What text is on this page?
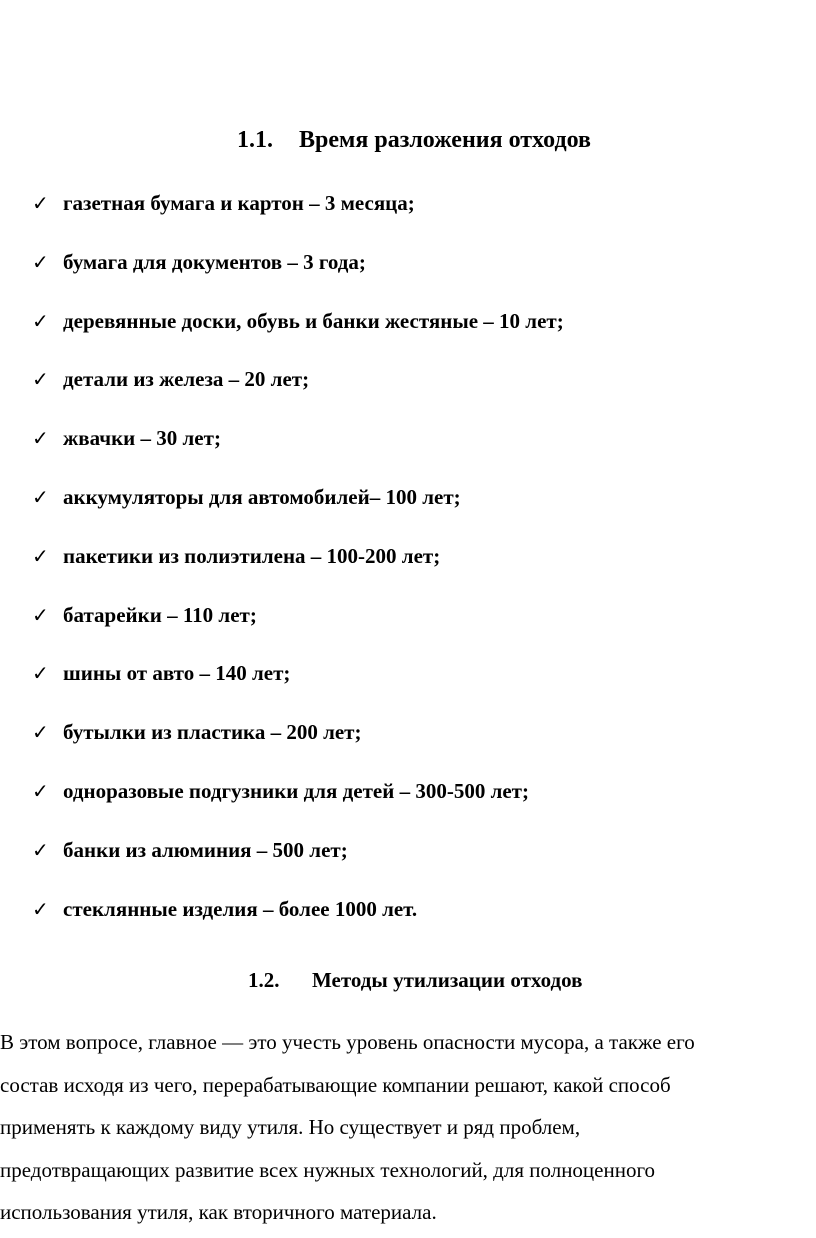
1.1. Время разложения отходов
✓ газетная бумага и картон – 3 месяца;
✓ бумага для документов – 3 года;
✓ деревянные доски, обувь и банки жестяные – 10 лет;
✓ детали из железа – 20 лет;
✓ жвачки – 30 лет;
✓ аккумуляторы для автомобилей– 100 лет;
✓ пакетики из полиэтилена – 100-200 лет;
✓ батарейки – 110 лет;
✓ шины от авто – 140 лет;
✓ бутылки из пластика – 200 лет;
✓ одноразовые подгузники для детей – 300-500 лет;
✓ банки из алюминия – 500 лет;
✓ стеклянные изделия – более 1000 лет.
1.2. Методы утилизации отходов

В этом вопросе, главное — это учесть уровень опасности мусора, а также его
состав исходя из чего, перерабатывающие компании решают, какой способ
применять к каждому виду утиля. Но существует и ряд проблем,
предотвращающих развитие всех нужных технологий, для полноценного
использования утиля, как вторичного материала.
